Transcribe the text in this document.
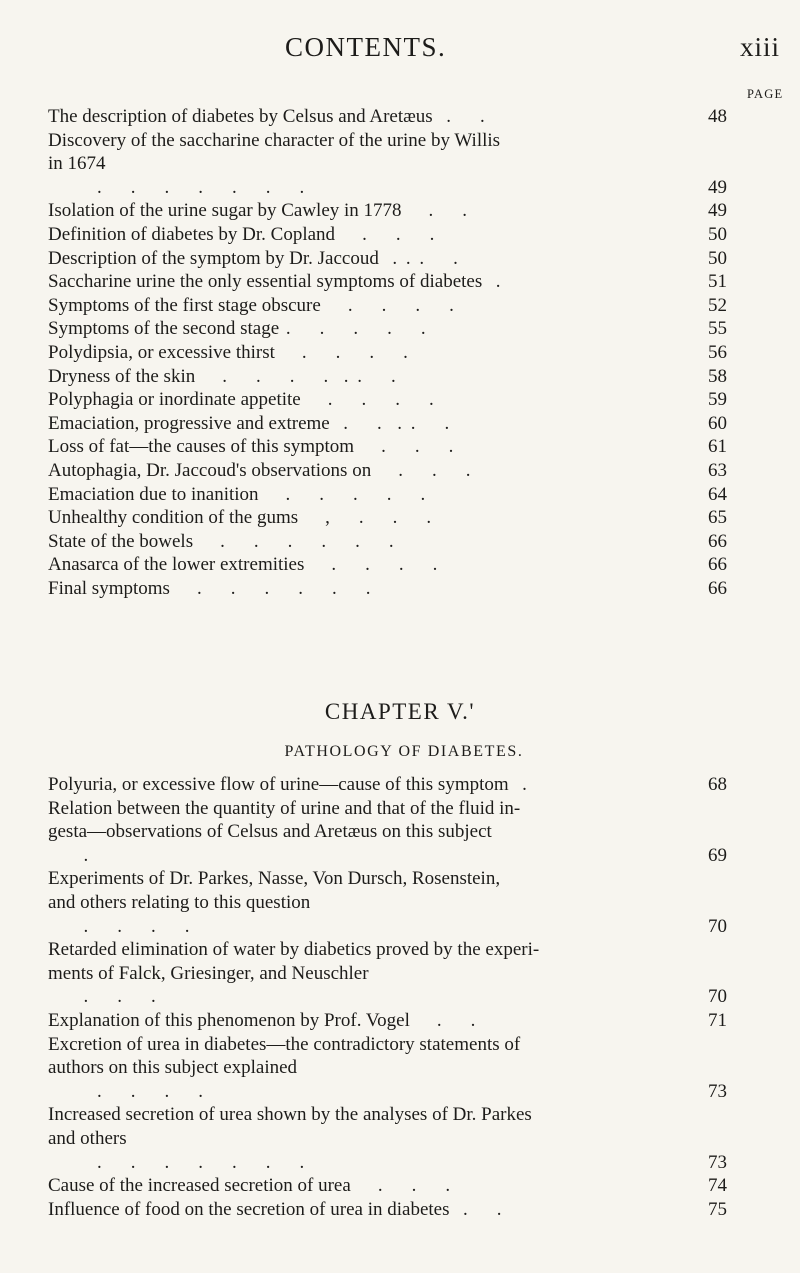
CONTENTS.	xiii
PAGE
The description of diabetes by Celsus and Aretæus  .    .	48
Discovery of the saccharine character of the urine by Willis
in 1674
.    .    .    .    .    .    .	49
Isolation of the urine sugar by Cawley in 1778    .    .	49
Definition of diabetes by Dr. Copland    .    .    .	50
Description of the symptom by Dr. Jaccoud  . . .    .	50
Saccharine urine the only essential symptoms of diabetes  .	51
Symptoms of the first stage obscure    .    .    .    .	52
Symptoms of the second stage .    .    .    .    .	55
Polydipsia, or excessive thirst    .    .    .    .	56
Dryness of the skin    .    .    .    .  . .    .	58
Polyphagia or inordinate appetite    .    .    .    .	59
Emaciation, progressive and extreme  .    .  . .    .	60
Loss of fat—the causes of this symptom    .    .    .	61
Autophagia, Dr. Jaccoud's observations on    .    .    .	63
Emaciation due to inanition    .    .    .    .    .	64
Unhealthy condition of the gums    ,    .    .    .	65
State of the bowels    .    .    .    .    .    .	66
Anasarca of the lower extremities    .    .    .    .	66
Final symptoms    .    .    .    .    .    .	66
CHAPTER V.'
PATHOLOGY OF DIABETES.
Polyuria, or excessive flow of urine—cause of this symptom  .	68
Relation between the quantity of urine and that of the fluid in-
gesta—observations of Celsus and Aretæus on this subject
.	69
Experiments of Dr. Parkes, Nasse, Von Dursch, Rosenstein,
and others relating to this question
.    .    .    .	70
Retarded elimination of water by diabetics proved by the experi-
ments of Falck, Griesinger, and Neuschler
.    .    .	70
Explanation of this phenomenon by Prof. Vogel    .    .	71
Excretion of urea in diabetes—the contradictory statements of
authors on this subject explained
.    .    .    .	73
Increased secretion of urea shown by the analyses of Dr. Parkes
and others
.    .    .    .    .    .    .	73
Cause of the increased secretion of urea    .    .    .	74
Influence of food on the secretion of urea in diabetes  .    .	75
